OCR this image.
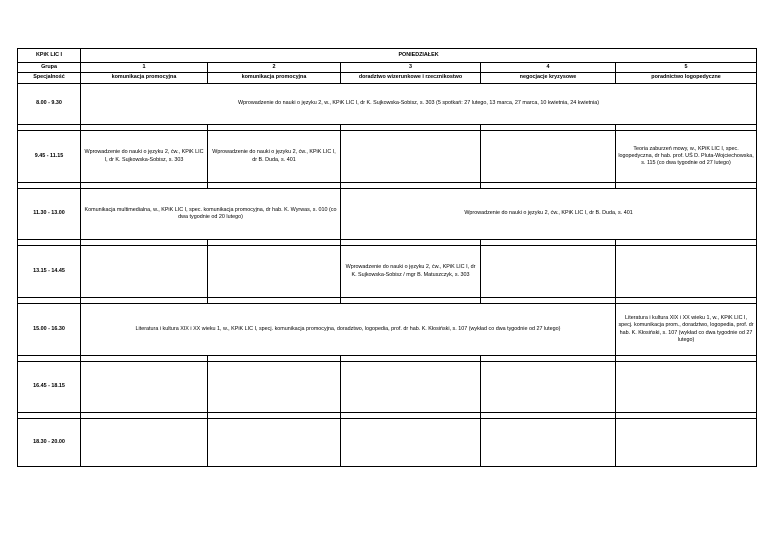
KPiK LIC I	PONIEDZIAŁEK				
Grupa	1	2	3	4	5
Specjalność	komunikacja promocyjna	komunikacja promocyjna	doradztwo wizerunkowe i rzecznikostwo	negocjacje kryzysowe	poradnictwo logopedyczne
8.00 - 9.30	Wprowadzenie do nauki o języku 2, w., KPiK LIC I, dr K. Sujkowska-Sobisz, s. 303 (5 spotkań: 27 lutego, 13 marca, 27 marca, 10 kwietnia, 24 kwietnia)				

9.45 - 11.15	Wprowadzenie do nauki o języku 2, ćw., KPiK LIC I, dr K. Sujkowska-Sobisz, s. 303	Wprowadzenie do nauki o języku 2, ćw., KPiK LIC I, dr B. Duda, s. 401			Teoria zaburzeń mowy, w., KPiK LIC I, spec. logopedyczna, dr hab. prof. UŚ D. Pluta-Wojciechowska, s. 115 (co dwa tygodnie od 27 lutego)

11.30 - 13.00	Komunikacja multimedialna, w., KPiK LIC I, spec. komunikacja promocyjna, dr hab. K. Wyrwas, s. 010 (co dwa tygodnie od 20 lutego)		Wprowadzenie do nauki o języku 2, ćw., KPiK LIC I, dr B. Duda, s. 401		

13.15 - 14.45			Wprowadzenie do nauki o języku 2, ćw., KPiK LIC I, dr K. Sujkowska-Sobisz / mgr B. Matuszczyk, s. 303		

15.00 - 16.30	Literatura i kultura XIX i XX wieku 1, w., KPiK LIC I, specj. komunikacja promocyjna, doradztwo, logopedia, prof. dr hab. K. Kłosiński, s. 107 (wykład co dwa tygodnie od 27 lutego)				Literatura i kultura XIX i XX wieku 1, w., KPiK LIC I, specj. komunikacja prom., doradztwo, logopedia, prof. dr hab. K. Kłosiński, s. 107 (wykład co dwa tygodnie od 27 lutego)

16.45 - 18.15					

18.30 - 20.00					
